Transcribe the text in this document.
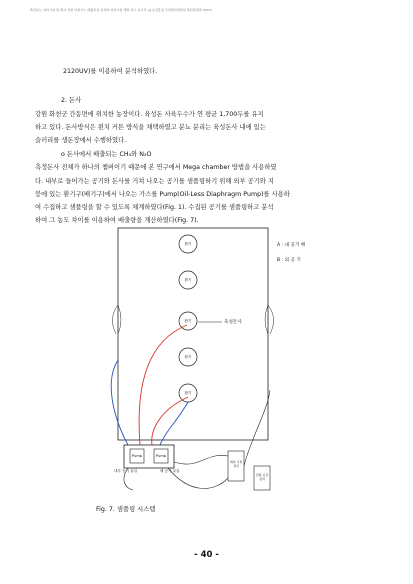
축산분뇨 처리시설 및 축사 주변 악취가스 배출특성 분석과 저감기술 개발 연구 보고서 (농촌진흥청 국립축산과학원 축산환경과 2017)
2120UV)를 이용하여 분석하였다.
2. 돈사
강원 화천군 간동면에 위치한 농장이다. 육성돈 사육두수가 연 평균 1,700두를 유지
하고 있다. 돈사방식은 윈치 커튼 방식을 채택하였고 분뇨 분리는 육성돈사 내에 있는
슬러리를 생돈장에서 수행하였다.
o 돈사에서 배출되는 CH₄와 N₂O
측정돈사 전체가 하나의 챔버이기 때문에 본 연구에서 Mega chamber 방법을 사용하였
다. 내부로 들어가는 공기와 돈사를 거쳐 나오는 공기를 샘플링하기 위해 외부 공기와 지
붕에 있는 환기구(배기구)에서 나오는 가스를 Pump(Oil-Less Diaphragm Pump)를 사용하
여 수집하고 샘플링을 할 수 있도록 체계하였다(Fig. 1). 수집된 공기를 샘플링하고 분석
하여 그 농도 차이를 이용하여 배출량을 계산하였다(Fig. 7).
A : 내 공기 배
B : 외 공 기
육성돈사
환기
환기
환기
환기
환기
Pump	Pump
내부 공기 유입	배 공기 유입
계측 기록 장치
전원 공급 장치
Fig. 7. 샘플링 시스템
- 40 -
